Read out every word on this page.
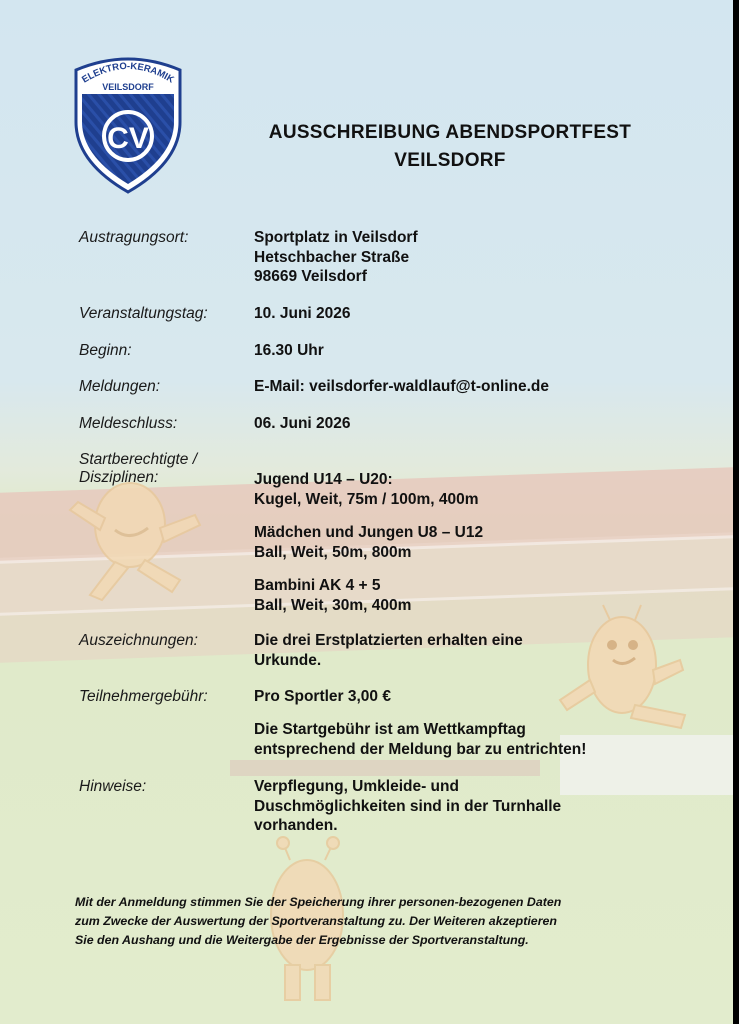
ELEKTRO-KERAMIK
VEILSDORF
CV	AUSSCHREIBUNG ABENDSPORTFEST
VEILSDORF
Austragungsort:	Sportplatz in Veilsdorf
Hetschbacher Straße
98669 Veilsdorf
Veranstaltungstag:	10. Juni 2026
Beginn:	16.30 Uhr
Meldungen:	E-Mail: veilsdorfer-waldlauf@t-online.de
Meldeschluss:	06. Juni 2026
Startberechtigte /
Disziplinen:	Jugend U14 – U20:
Kugel, Weit, 75m / 100m, 400m
Mädchen und Jungen U8 – U12
Ball, Weit, 50m, 800m
Bambini AK 4 + 5
Ball, Weit, 30m, 400m
Auszeichnungen:	Die drei Erstplatzierten erhalten eine
Urkunde.
Teilnehmergebühr:	Pro Sportler 3,00 €
Die Startgebühr ist am Wettkampftag
entsprechend der Meldung bar zu entrichten!
Hinweise:	Verpflegung, Umkleide- und
Duschmöglichkeiten sind in der Turnhalle
vorhanden.
Mit der Anmeldung stimmen Sie der Speicherung ihrer personen-bezogenen Daten
zum Zwecke der Auswertung der Sportveranstaltung zu. Der Weiteren akzeptieren
Sie den Aushang und die Weitergabe der Ergebnisse der Sportveranstaltung.
